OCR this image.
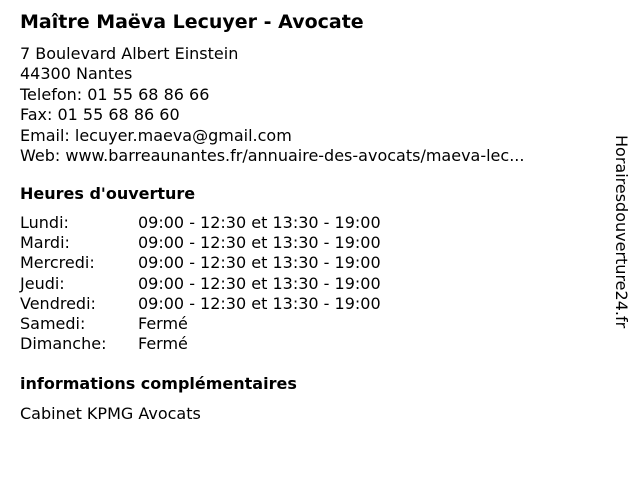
Maître Maëva Lecuyer - Avocate
7 Boulevard Albert Einstein
44300 Nantes
Telefon: 01 55 68 86 66
Fax: 01 55 68 86 60
Email: lecuyer.maeva@gmail.com
Web: www.barreaunantes.fr/annuaire-des-avocats/maeva-lec...
Heures d'ouverture
Lundi:	09:00 - 12:30 et 13:30 - 19:00
Mardi:	09:00 - 12:30 et 13:30 - 19:00
Mercredi:	09:00 - 12:30 et 13:30 - 19:00
Jeudi:	09:00 - 12:30 et 13:30 - 19:00
Vendredi:	09:00 - 12:30 et 13:30 - 19:00
Samedi:	Fermé
Dimanche: Fermé
informations complémentaires
Cabinet KPMG Avocats
Horairesdouverture24.fr
